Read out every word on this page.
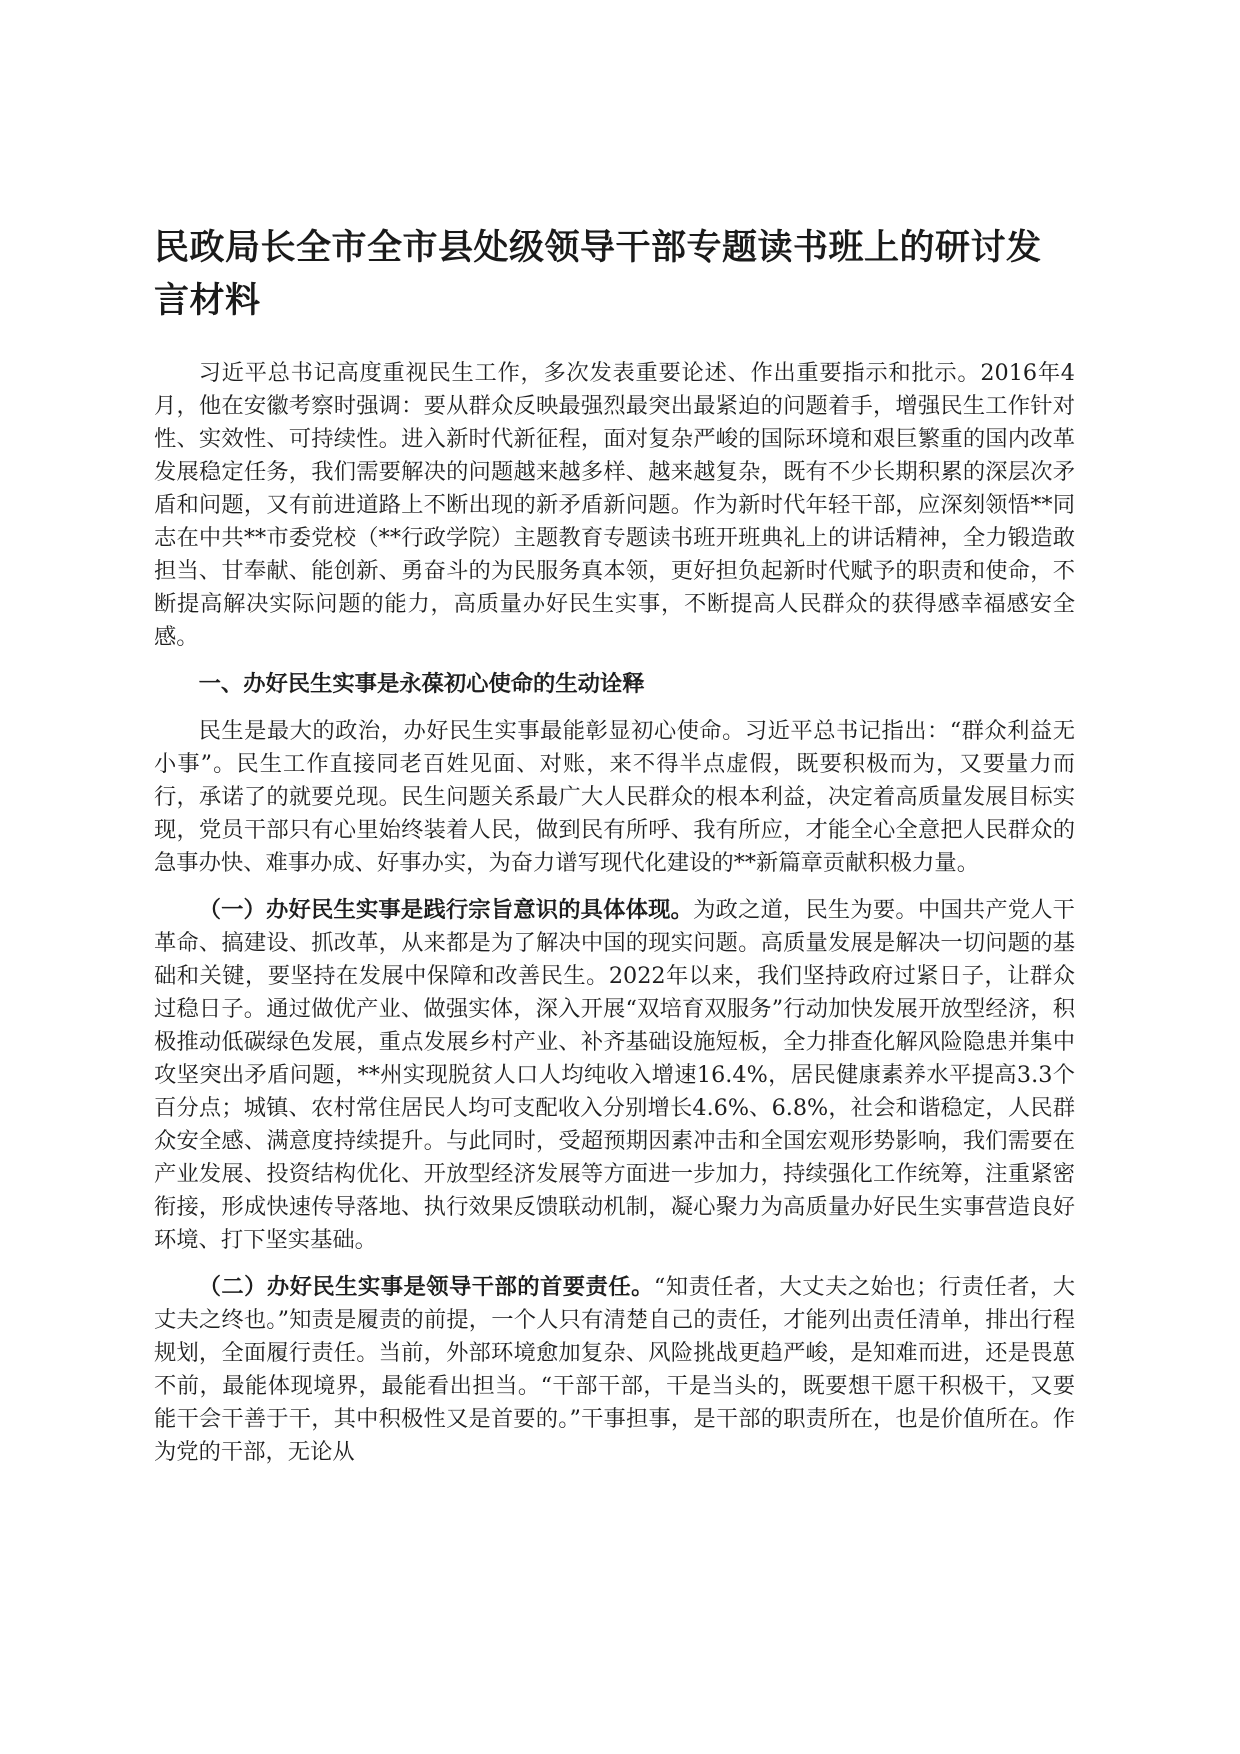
民政局长全市全市县处级领导干部专题读书班上的研讨发言材料

习近平总书记高度重视民生工作，多次发表重要论述、作出重要指示和批示。2016年4月，他在安徽考察时强调：要从群众反映最强烈最突出最紧迫的问题着手，增强民生工作针对性、实效性、可持续性。进入新时代新征程，面对复杂严峻的国际环境和艰巨繁重的国内改革发展稳定任务，我们需要解决的问题越来越多样、越来越复杂，既有不少长期积累的深层次矛盾和问题，又有前进道路上不断出现的新矛盾新问题。作为新时代年轻干部，应深刻领悟**同志在中共**市委党校（**行政学院）主题教育专题读书班开班典礼上的讲话精神，全力锻造敢担当、甘奉献、能创新、勇奋斗的为民服务真本领，更好担负起新时代赋予的职责和使命，不断提高解决实际问题的能力，高质量办好民生实事，不断提高人民群众的获得感幸福感安全感。

一、办好民生实事是永葆初心使命的生动诠释

民生是最大的政治，办好民生实事最能彰显初心使命。习近平总书记指出：“群众利益无小事”。民生工作直接同老百姓见面、对账，来不得半点虚假，既要积极而为，又要量力而行，承诺了的就要兑现。民生问题关系最广大人民群众的根本利益，决定着高质量发展目标实现，党员干部只有心里始终装着人民，做到民有所呼、我有所应，才能全心全意把人民群众的急事办快、难事办成、好事办实，为奋力谱写现代化建设的**新篇章贡献积极力量。

（一）办好民生实事是践行宗旨意识的具体体现。为政之道，民生为要。中国共产党人干革命、搞建设、抓改革，从来都是为了解决中国的现实问题。高质量发展是解决一切问题的基础和关键，要坚持在发展中保障和改善民生。2022年以来，我们坚持政府过紧日子，让群众过稳日子。通过做优产业、做强实体，深入开展“双培育双服务”行动加快发展开放型经济，积极推动低碳绿色发展，重点发展乡村产业、补齐基础设施短板，全力排查化解风险隐患并集中攻坚突出矛盾问题，**州实现脱贫人口人均纯收入增速16.4%，居民健康素养水平提高3.3个百分点；城镇、农村常住居民人均可支配收入分别增长4.6%、6.8%，社会和谐稳定，人民群众安全感、满意度持续提升。与此同时，受超预期因素冲击和全国宏观形势影响，我们需要在产业发展、投资结构优化、开放型经济发展等方面进一步加力，持续强化工作统筹，注重紧密衔接，形成快速传导落地、执行效果反馈联动机制，凝心聚力为高质量办好民生实事营造良好环境、打下坚实基础。

（二）办好民生实事是领导干部的首要责任。“知责任者，大丈夫之始也；行责任者，大丈夫之终也。”知责是履责的前提，一个人只有清楚自己的责任，才能列出责任清单，排出行程规划，全面履行责任。当前，外部环境愈加复杂、风险挑战更趋严峻，是知难而进，还是畏葸不前，最能体现境界，最能看出担当。“干部干部，干是当头的，既要想干愿干积极干，又要能干会干善于干，其中积极性又是首要的。”干事担事，是干部的职责所在，也是价值所在。作为党的干部，无论从
